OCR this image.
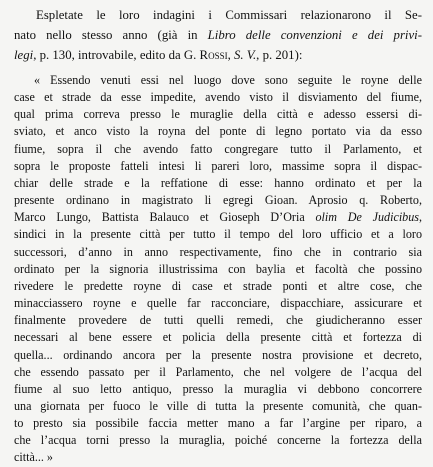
Espletate le loro indagini i Commissari relazionarono il Se-
nato nello stesso anno (già in Libro delle convenzioni e dei privi-
legi, p. 130, introvabile, edito da G. Rossi, S. V., p. 201):
« Essendo venuti essi nel luogo dove sono seguite le royne delle
case et strade da esse impedite, avendo visto il disviamento del fiume,
qual prima correva presso le muraglie della città e adesso essersi di-
sviato, et anco visto la royna del ponte di legno portato via da esso
fiume, sopra il che avendo fatto congregare tutto il Parlamento, et
sopra le proposte fatteli intesi li pareri loro, massime sopra il dispac-
chiar delle strade e la reffatione di esse: hanno ordinato et per la
presente ordinano in magistrato li egregi Gioan. Aprosio q. Roberto,
Marco Lungo, Battista Balauco et Gioseph D’Oria olim De Judicibus,
sindici in la presente città per tutto il tempo del loro ufficio et a loro
successori, d’anno in anno respectivamente, fino che in contrario sia
ordinato per la signoria illustrissima con baylia et facoltà che possino
rivedere le predette royne di case et strade ponti et altre cose, che
minacciassero royne e quelle far racconciare, dispacchiare, assicurare et
finalmente provedere de tutti quelli remedi, che giudicheranno esser
necessari al bene essere et policia della presente città et fortezza di
quella... ordinando ancora per la presente nostra provisione et decreto,
che essendo passato per il Parlamento, che nel volgere de l’acqua del
fiume al suo letto antiquo, presso la muraglia vi debbono concorrere
una giornata per fuoco le ville di tutta la presente comunità, che quan-
to presto sia possibile faccia metter mano a far l’argine per riparo, a
che l’acqua torni presso la muraglia, poiché concerne la fortezza della
città... »
